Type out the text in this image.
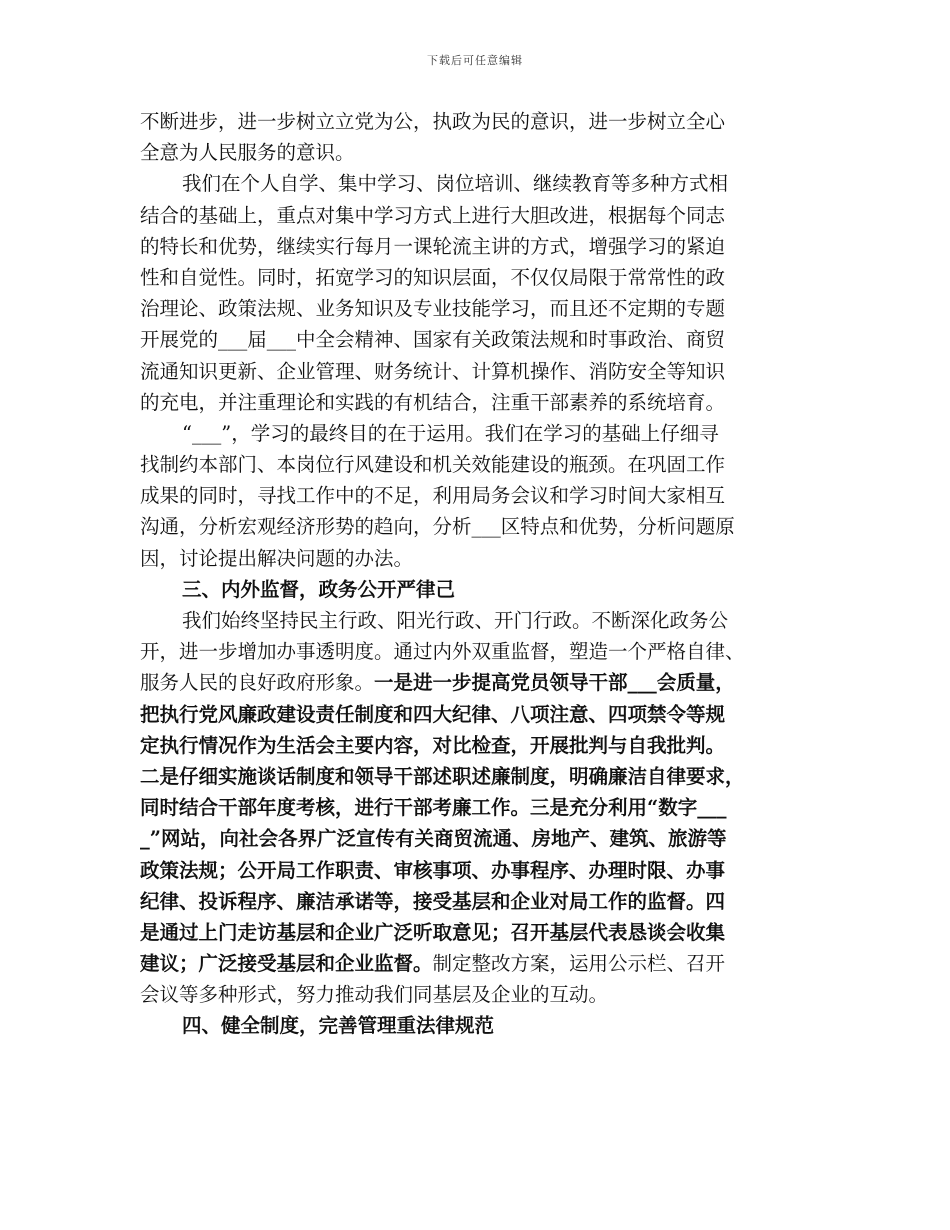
下载后可任意编辑
不断进步，进一步树立立党为公，执政为民的意识，进一步树立全心
全意为人民服务的意识。
我们在个人自学、集中学习、岗位培训、继续教育等多种方式相
结合的基础上，重点对集中学习方式上进行大胆改进，根据每个同志
的特长和优势，继续实行每月一课轮流主讲的方式，增强学习的紧迫
性和自觉性。同时，拓宽学习的知识层面，不仅仅局限于常常性的政
治理论、政策法规、业务知识及专业技能学习，而且还不定期的专题
开展党的___届___中全会精神、国家有关政策法规和时事政治、商贸
流通知识更新、企业管理、财务统计、计算机操作、消防安全等知识
的充电，并注重理论和实践的有机结合，注重干部素养的系统培育。
“___”，学习的最终目的在于运用。我们在学习的基础上仔细寻
找制约本部门、本岗位行风建设和机关效能建设的瓶颈。在巩固工作
成果的同时，寻找工作中的不足，利用局务会议和学习时间大家相互
沟通，分析宏观经济形势的趋向，分析___区特点和优势，分析问题原
因，讨论提出解决问题的办法。
三、内外监督，政务公开严律己
我们始终坚持民主行政、阳光行政、开门行政。不断深化政务公
开，进一步增加办事透明度。通过内外双重监督，塑造一个严格自律、
服务人民的良好政府形象。一是进一步提高党员领导干部___会质量，
把执行党风廉政建设责任制度和四大纪律、八项注意、四项禁令等规
定执行情况作为生活会主要内容，对比检查，开展批判与自我批判。
二是仔细实施谈话制度和领导干部述职述廉制度，明确廉洁自律要求，
同时结合干部年度考核，进行干部考廉工作。三是充分利用“数字___
_”网站，向社会各界广泛宣传有关商贸流通、房地产、建筑、旅游等
政策法规；公开局工作职责、审核事项、办事程序、办理时限、办事
纪律、投诉程序、廉洁承诺等，接受基层和企业对局工作的监督。四
是通过上门走访基层和企业广泛听取意见；召开基层代表恳谈会收集
建议；广泛接受基层和企业监督。制定整改方案，运用公示栏、召开
会议等多种形式，努力推动我们同基层及企业的互动。
四、健全制度，完善管理重法律规范
